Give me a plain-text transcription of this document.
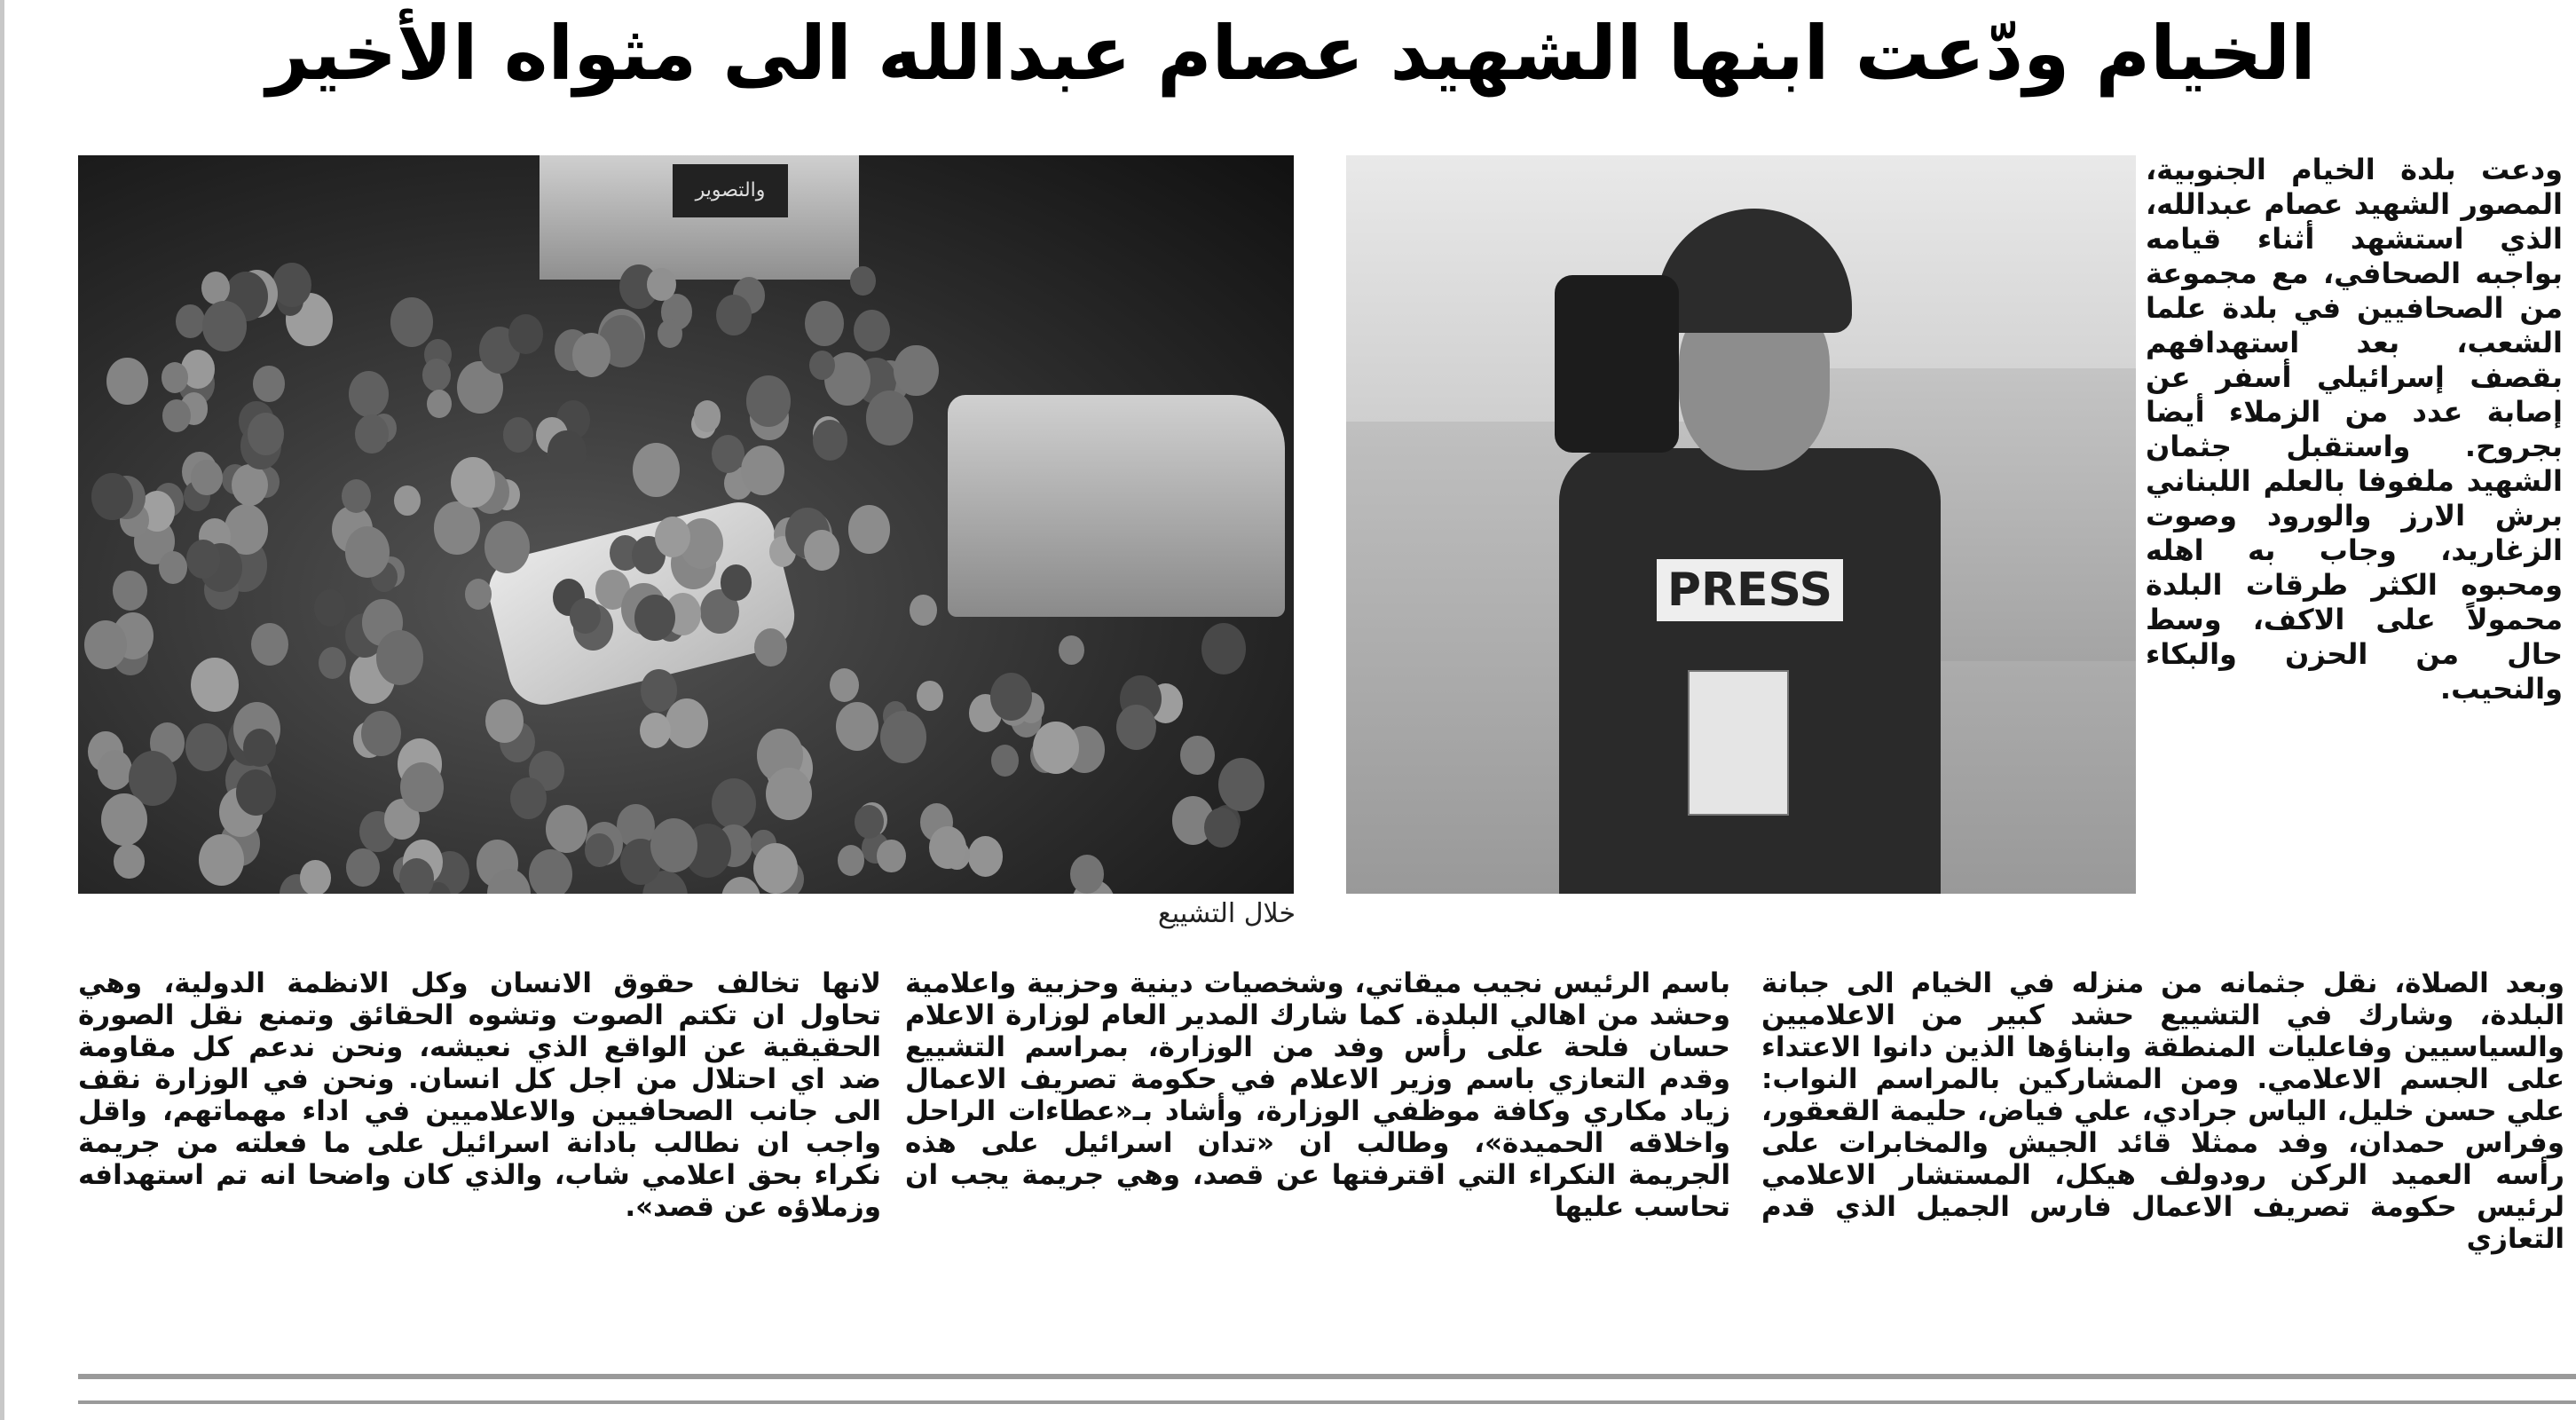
الخيام ودّعت ابنها الشهيد عصام عبدالله الى مثواه الأخير
والتصوير
خلال التشييع
PRESS

ودعت بلدة الخيام الجنوبية، المصور الشهيد عصام عبدالله، الذي استشهد أثناء قيامه بواجبه الصحافي، مع مجموعة من الصحافيين في بلدة علما الشعب، بعد استهدافهم بقصف إسرائيلي أسفر عن إصابة عدد من الزملاء أيضا بجروح. واستقبل جثمان الشهيد ملفوفا بالعلم اللبناني برش الارز والورود وصوت الزغاريد، وجاب به اهله ومحبوه الكثر طرقات البلدة محمولاً على الاكف، وسط حال من الحزن والبكاء والنحيب.

وبعد الصلاة، نقل جثمانه من منزله في الخيام الى جبانة البلدة، وشارك في التشييع حشد كبير من الاعلاميين والسياسيين وفاعليات المنطقة وابناؤها الذين دانوا الاعتداء على الجسم الاعلامي. ومن المشاركين بالمراسم النواب: علي حسن خليل، الياس جرادي، علي فياض، حليمة القعقور، وفراس حمدان، وفد ممثلا قائد الجيش والمخابرات على رأسه العميد الركن رودولف هيكل، المستشار الاعلامي لرئيس حكومة تصريف الاعمال فارس الجميل الذي قدم التعازي

باسم الرئيس نجيب ميقاتي، وشخصيات دينية وحزبية واعلامية وحشد من اهالي البلدة. كما شارك المدير العام لوزارة الاعلام حسان فلحة على رأس وفد من الوزارة، بمراسم التشييع وقدم التعازي باسم وزير الاعلام في حكومة تصريف الاعمال زياد مكاري وكافة موظفي الوزارة، وأشاد بـ«عطاءات الراحل واخلاقه الحميدة»، وطالب ان «تدان اسرائيل على هذه الجريمة النكراء التي اقترفتها عن قصد، وهي جريمة يجب ان تحاسب عليها

لانها تخالف حقوق الانسان وكل الانظمة الدولية، وهي تحاول ان تكتم الصوت وتشوه الحقائق وتمنع نقل الصورة الحقيقية عن الواقع الذي نعيشه، ونحن ندعم كل مقاومة ضد اي احتلال من اجل كل انسان. ونحن في الوزارة نقف الى جانب الصحافيين والاعلاميين في اداء مهماتهم، واقل واجب ان نطالب بادانة اسرائيل على ما فعلته من جريمة نكراء بحق اعلامي شاب، والذي كان واضحا انه تم استهدافه وزملاؤه عن قصد».
